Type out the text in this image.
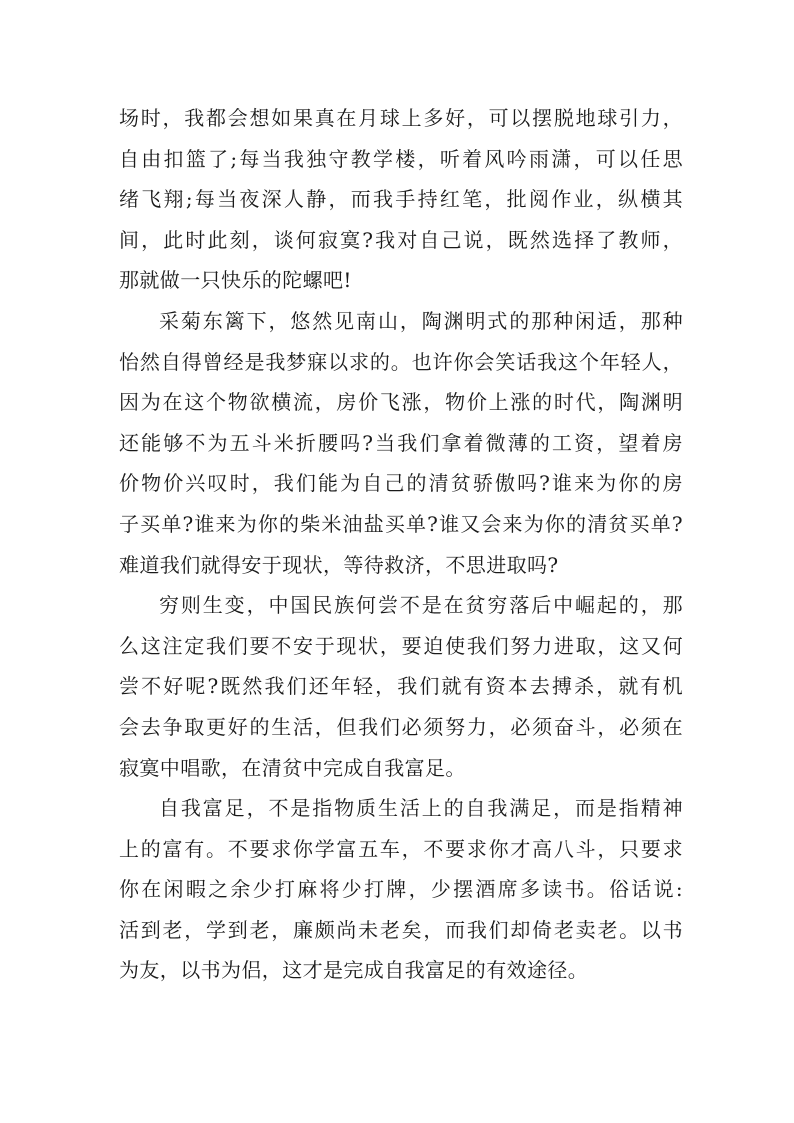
场时，我都会想如果真在月球上多好，可以摆脱地球引力，
自由扣篮了;每当我独守教学楼，听着风吟雨潇，可以任思
绪飞翔;每当夜深人静，而我手持红笔，批阅作业，纵横其
间，此时此刻，谈何寂寞?我对自己说，既然选择了教师，
那就做一只快乐的陀螺吧!
采菊东篱下，悠然见南山，陶渊明式的那种闲适，那种
怡然自得曾经是我梦寐以求的。也许你会笑话我这个年轻人，
因为在这个物欲横流，房价飞涨，物价上涨的时代，陶渊明
还能够不为五斗米折腰吗?当我们拿着微薄的工资，望着房
价物价兴叹时，我们能为自己的清贫骄傲吗?谁来为你的房
子买单?谁来为你的柴米油盐买单?谁又会来为你的清贫买单?
难道我们就得安于现状，等待救济，不思进取吗?
穷则生变，中国民族何尝不是在贫穷落后中崛起的，那
么这注定我们要不安于现状，要迫使我们努力进取，这又何
尝不好呢?既然我们还年轻，我们就有资本去搏杀，就有机
会去争取更好的生活，但我们必须努力，必须奋斗，必须在
寂寞中唱歌，在清贫中完成自我富足。
自我富足，不是指物质生活上的自我满足，而是指精神
上的富有。不要求你学富五车，不要求你才高八斗，只要求
你在闲暇之余少打麻将少打牌，少摆酒席多读书。俗话说:
活到老，学到老，廉颇尚未老矣，而我们却倚老卖老。以书
为友，以书为侣，这才是完成自我富足的有效途径。
